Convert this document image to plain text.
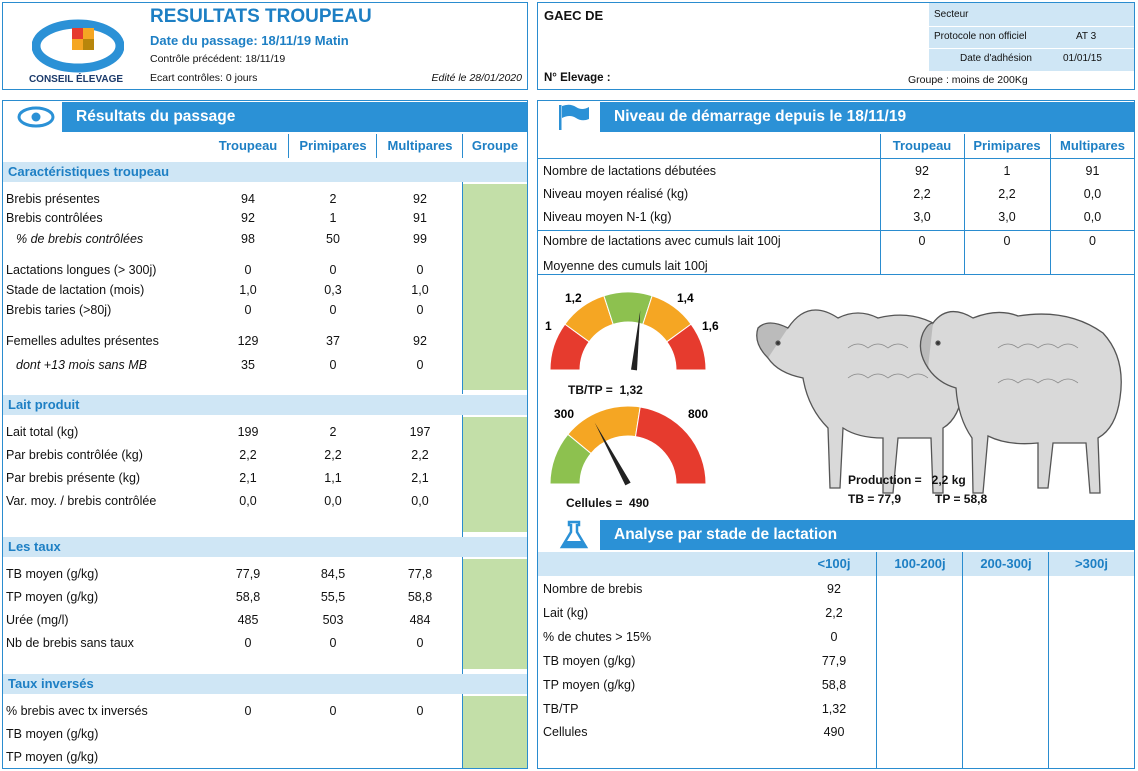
CONSEIL ÉLEVAGE
RESULTATS TROUPEAU
Date du passage: 18/11/19 Matin
Contrôle précédent: 18/11/19
Ecart contrôles: 0 jours	Edité le 28/01/2020
GAEC DE
N° Elevage :
Secteur
Protocole non officiel	AT 3
Date d'adhésion	01/01/15
Groupe : moins de 200Kg
Résultats du passage
Troupeau	Primipares	Multipares	Groupe
Caractéristiques troupeau
Lait produit
Les taux
Taux inversés
Brebis présentes	94	2	92
Brebis contrôlées	92	1	91
% de brebis contrôlées	98	50	99
Lactations longues (> 300j)	0	0	0
Stade de lactation (mois)	1,0	0,3	1,0
Brebis taries (>80j)	0	0	0
Femelles adultes présentes	129	37	92
dont +13 mois sans MB	35	0	0
Lait total (kg)	199	2	197
Par brebis contrôlée (kg)	2,2	2,2	2,2
Par brebis présente (kg)	2,1	1,1	2,1
Var. moy. / brebis contrôlée	0,0	0,0	0,0
TB moyen (g/kg)	77,9	84,5	77,8
TP moyen (g/kg)	58,8	55,5	58,8
Urée (mg/l)	485	503	484
Nb de brebis sans taux	0	0	0
% brebis avec tx inversés	0	0	0
TB moyen (g/kg)
TP moyen (g/kg)
Niveau de démarrage depuis le 18/11/19
Troupeau	Primipares	Multipares
Nombre de lactations débutées	92	1	91
Niveau moyen réalisé (kg)	2,2	2,2	0,0
Niveau moyen N-1 (kg)	3,0	3,0	0,0
Nombre de lactations avec cumuls lait 100j	0	0	0
Moyenne des cumuls lait 100j
1
1,2	1,4
1,6
TB/TP =  1,32
300	800
Cellules =  490
Production =   2,2 kg
TB = 77,9	TP = 58,8
Analyse par stade de lactation
<100j	100-200j	200-300j	>300j
Nombre de brebis	92
Lait (kg)	2,2
% de chutes > 15%	0
TB moyen (g/kg)	77,9
TP moyen (g/kg)	58,8
TB/TP	1,32
Cellules	490
